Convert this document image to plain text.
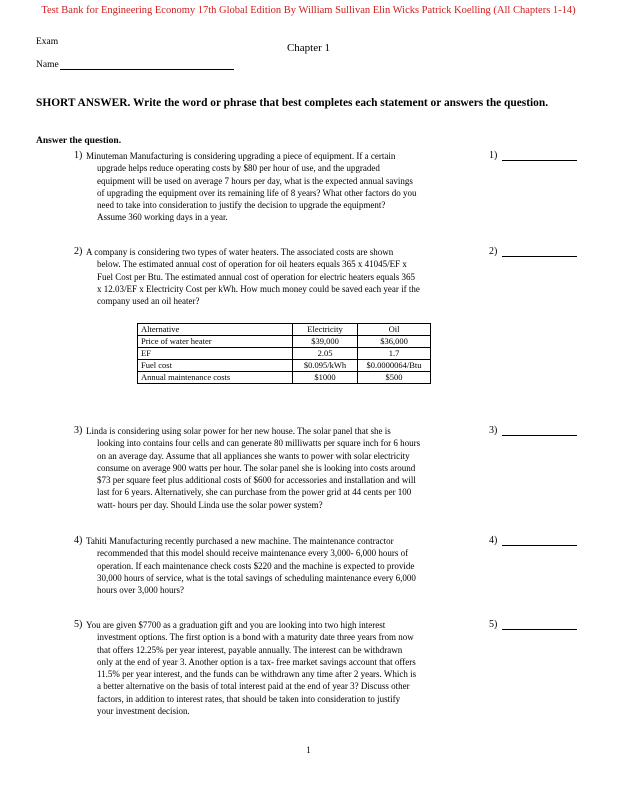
Test Bank for Engineering Economy 17th Global Edition By William Sullivan Elin Wicks Patrick Koelling (All Chapters 1-14)
Exam	Chapter 1
Name
SHORT ANSWER. Write the word or phrase that best completes each statement or answers the question.
Answer the question.
1) Minuteman Manufacturing is considering upgrading a piece of equipment. If a certain
upgrade helps reduce operating costs by $80 per hour of use, and the upgraded
equipment will be used on average 7 hours per day, what is the expected annual savings
of upgrading the equipment over its remaining life of 8 years? What other factors do you
need to take into consideration to justify the decision to upgrade the equipment?
Assume 360 working days in a year.
1)
2) A company is considering two types of water heaters. The associated costs are shown
below. The estimated annual cost of operation for oil heaters equals 365 x 41045/EF x
Fuel Cost per Btu. The estimated annual cost of operation for electric heaters equals 365
x 12.03/EF x Electricity Cost per kWh. How much money could be saved each year if the
company used an oil heater?
2)
Alternative	Electricity	Oil
Price of water heater	$39,000	$36,000
EF	2.05	1.7
Fuel cost	$0.095/kWh	$0.0000064/Btu
Annual maintenance costs	$1000	$500
3) Linda is considering using solar power for her new house. The solar panel that she is
looking into contains four cells and can generate 80 milliwatts per square inch for 6 hours
on an average day. Assume that all appliances she wants to power with solar electricity
consume on average 900 watts per hour. The solar panel she is looking into costs around
$73 per square feet plus additional costs of $600 for accessories and installation and will
last for 6 years. Alternatively, she can purchase from the power grid at 44 cents per 100
watt- hours per day. Should Linda use the solar power system?
3)
4) Tahiti Manufacturing recently purchased a new machine. The maintenance contractor
recommended that this model should receive maintenance every 3,000- 6,000 hours of
operation. If each maintenance check costs $220 and the machine is expected to provide
30,000 hours of service, what is the total savings of scheduling maintenance every 6,000
hours over 3,000 hours?
4)
5) You are given $7700 as a graduation gift and you are looking into two high interest
investment options. The first option is a bond with a maturity date three years from now
that offers 12.25% per year interest, payable annually. The interest can be withdrawn
only at the end of year 3. Another option is a tax- free market savings account that offers
11.5% per year interest, and the funds can be withdrawn any time after 2 years. Which is
a better alternative on the basis of total interest paid at the end of year 3? Discuss other
factors, in addition to interest rates, that should be taken into consideration to justify
your investment decision.
5)
1
